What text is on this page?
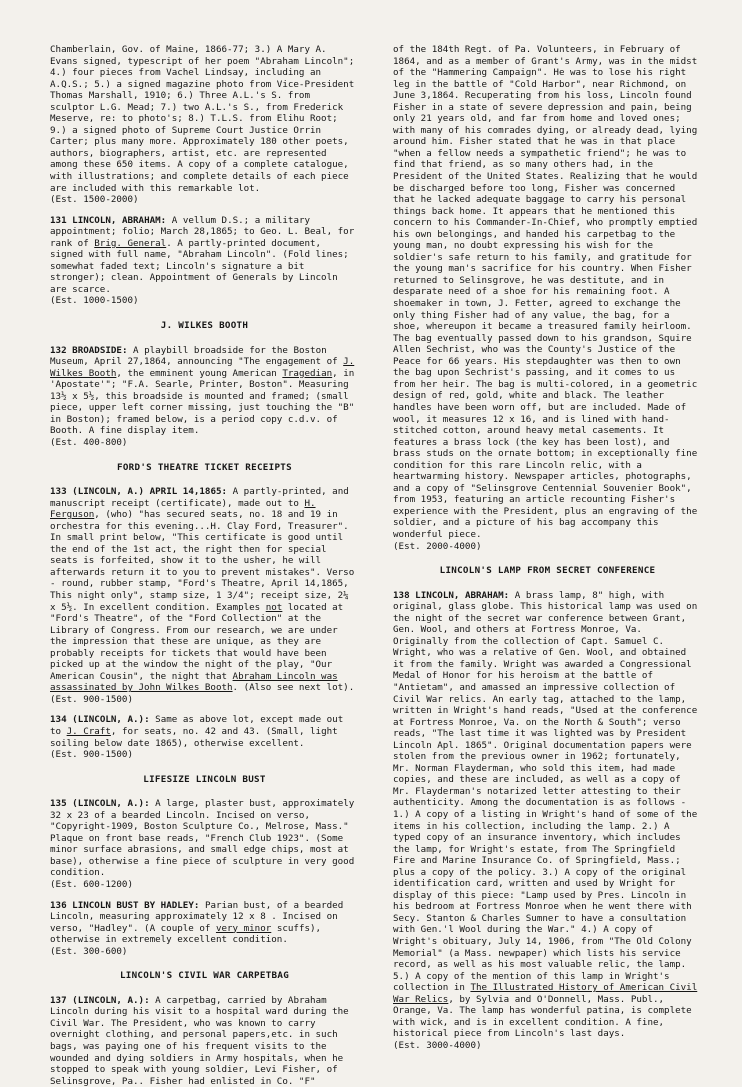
Chamberlain, Gov. of Maine, 1866-77; 3.) A Mary A. Evans signed, typescript of her poem "Abraham Lincoln"; 4.) four pieces from Vachel Lindsay, including an A.Q.S.; 5.) a signed magazine photo from Vice-President Thomas Marshall, 1910; 6.) Three A.L.'s S. from sculptor L.G. Mead; 7.) two A.L.'s S., from Frederick Meserve, re: to photo's; 8.) T.L.S. from Elihu Root; 9.) a signed photo of Supreme Court Justice Orrin Carter; plus many more. Approximately 180 other poets, authors, biographers, artist, etc. are represented among these 650 items. A copy of a complete catalogue, with illustrations; and complete details of each piece are included with this remarkable lot.

(Est. 1500-2000)

131 LINCOLN, ABRAHAM: A vellum D.S.; a military appointment; folio; March 28,1865; to Geo. L. Beal, for rank of Brig. General. A partly-printed document, signed with full name, "Abraham Lincoln". (Fold lines; somewhat faded text; Lincoln's signature a bit stronger); clean. Appointment of Generals by Lincoln are scarce.

(Est. 1000-1500)

J. WILKES BOOTH

132 BROADSIDE: A playbill broadside for the Boston Museum, April 27,1864, announcing "The engagement of J. Wilkes Booth, the emminent young American Tragedian, in 'Apostate'"; "F.A. Searle, Printer, Boston". Measuring 13½ x 5½, this broadside is mounted and framed; (small piece, upper left corner missing, just touching the "B" in Boston); framed below, is a period copy c.d.v. of Booth. A fine display item.

(Est. 400-800)

FORD'S THEATRE TICKET RECEIPTS

133 (LINCOLN, A.) APRIL 14,1865: A partly-printed, and manuscript receipt (certificate), made out to H. Ferguson, (who) "has secured seats, no. 18 and 19 in orchestra for this evening...H. Clay Ford, Treasurer". In small print below, "This certificate is good until the end of the 1st act, the right then for special seats is forfeited, show it to the usher, he will afterwards return it to you to prevent mistakes". Verso - round, rubber stamp, "Ford's Theatre, April 14,1865, This night only", stamp size, 1 3/4"; receipt size, 2¼ x 5½. In excellent condition. Examples not located at "Ford's Theatre", of the "Ford Collection" at the Library of Congress. From our research, we are under the impression that these are unique, as they are probably receipts for tickets that would have been picked up at the window the night of the play, "Our American Cousin", the night that Abraham Lincoln was assassinated by John Wilkes Booth. (Also see next lot).

(Est. 900-1500)

134 (LINCOLN, A.): Same as above lot, except made out to J. Craft, for seats, no. 42 and 43. (Small, light soiling below date 1865), otherwise excellent.

(Est. 900-1500)

LIFESIZE LINCOLN BUST

135 (LINCOLN, A.): A large, plaster bust, approximately 32 x 23 of a bearded Lincoln. Incised on verso, "Copyright-1909, Boston Sculpture Co., Melrose, Mass." Plaque on front base reads, "French Club 1923". (Some minor surface abrasions, and small edge chips, most at base), otherwise a fine piece of sculpture in very good condition.

(Est. 600-1200)

136 LINCOLN BUST BY HADLEY: Parian bust, of a bearded Lincoln, measuring approximately 12 x 8 . Incised on verso, "Hadley". (A couple of very minor scuffs), otherwise in extremely excellent condition.

(Est. 300-600)

LINCOLN'S CIVIL WAR CARPETBAG

137 (LINCOLN, A.): A carpetbag, carried by Abraham Lincoln during his visit to a hospital ward during the Civil War. The President, who was known to carry overnight clothing, and personal papers,etc. in such bags, was paying one of his frequent visits to the wounded and dying soldiers in Army hospitals, when he stopped to speak with young soldier, Levi Fisher, of Selinsgrove, Pa.. Fisher had enlisted in Co. "F"

of the 184th Regt. of Pa. Volunteers, in February of 1864, and as a member of Grant's Army, was in the midst of the "Hammering Campaign". He was to lose his right leg in the battle of "Cold Harbor", near Richmond, on June 3,1864. Recuperating from his loss, Lincoln found Fisher in a state of severe depression and pain, being only 21 years old, and far from home and loved ones; with many of his comrades dying, or already dead, lying around him. Fisher stated that he was in that place "when a fellow needs a sympathetic friend"; he was to find that friend, as so many others had, in the President of the United States. Realizing that he would be discharged before too long, Fisher was concerned that he lacked adequate baggage to carry his personal things back home. It appears that he mentioned this concern to his Commander-In-Chief, who promptly emptied his own belongings, and handed his carpetbag to the young man, no doubt expressing his wish for the soldier's safe return to his family, and gratitude for the young man's sacrifice for his country. When Fisher returned to Selinsgrove, he was destitute, and in desparate need of a shoe for his remaining foot. A shoemaker in town, J. Fetter, agreed to exchange the only thing Fisher had of any value, the bag, for a shoe, whereupon it became a treasured family heirloom. The bag eventually passed down to his grandson, Squire Allen Sechrist, who was the County's Justice of the Peace for 66 years. His stepdaughter was then to own the bag upon Sechrist's passing, and it comes to us from her heir. The bag is multi-colored, in a geometric design of red, gold, white and black. The leather handles have been worn off, but are included. Made of wool, it measures 12 x 16, and is lined with hand-stitched cotton, around heavy metal casements. It features a brass lock (the key has been lost), and brass studs on the ornate bottom; in exceptionally fine condition for this rare Lincoln relic, with a heartwarming history. Newspaper articles, photographs, and a copy of "Selinsgrove Centennial Souvenier Book", from 1953, featuring an article recounting Fisher's experience with the President, plus an engraving of the soldier, and a picture of his bag accompany this wonderful piece.

(Est. 2000-4000)

LINCOLN'S LAMP FROM SECRET CONFERENCE

138 LINCOLN, ABRAHAM: A brass lamp, 8" high, with original, glass globe. This historical lamp was used on the night of the secret war conference between Grant, Gen. Wool, and others at Fortress Monroe, Va. Originally from the collection of Capt. Samuel C. Wright, who was a relative of Gen. Wool, and obtained it from the family. Wright was awarded a Congressional Medal of Honor for his heroism at the battle of "Antietam", and amassed an impressive collection of Civil War relics. An early tag, attached to the lamp, written in Wright's hand reads, "Used at the conference at Fortress Monroe, Va. on the North & South"; verso reads, "The last time it was lighted was by President Lincoln Apl. 1865". Original documentation papers were stolen from the previous owner in 1962; fortunately, Mr. Norman Flayderman, who sold this item, had made copies, and these are included, as well as a copy of Mr. Flayderman's notarized letter attesting to their authenticity. Among the documentation is as follows - 1.) A copy of a listing in Wright's hand of some of the items in his collection, including the lamp. 2.) A typed copy of an insurance inventory, which includes the lamp, for Wright's estate, from The Springfield Fire and Marine Insurance Co. of Springfield, Mass.; plus a copy of the policy. 3.) A copy of the original identification card, written and used by Wright for display of this piece: "Lamp used by Pres. Lincoln in his bedroom at Fortress Monroe when he went there with Secy. Stanton & Charles Sumner to have a consultation with Gen.'l Wool during the War." 4.) A copy of Wright's obituary, July 14, 1906, from "The Old Colony Memorial" (a Mass. newpaper) which lists his service record, as well as his most valuable relic, the lamp. 5.) A copy of the mention of this lamp in Wright's collection in The Illustrated History of American Civil War Relics, by Sylvia and O'Donnell, Mass. Publ., Orange, Va. The lamp has wonderful patina, is complete with wick, and is in excellent condition. A fine, historical piece from Lincoln's last days.

(Est. 3000-4000)
